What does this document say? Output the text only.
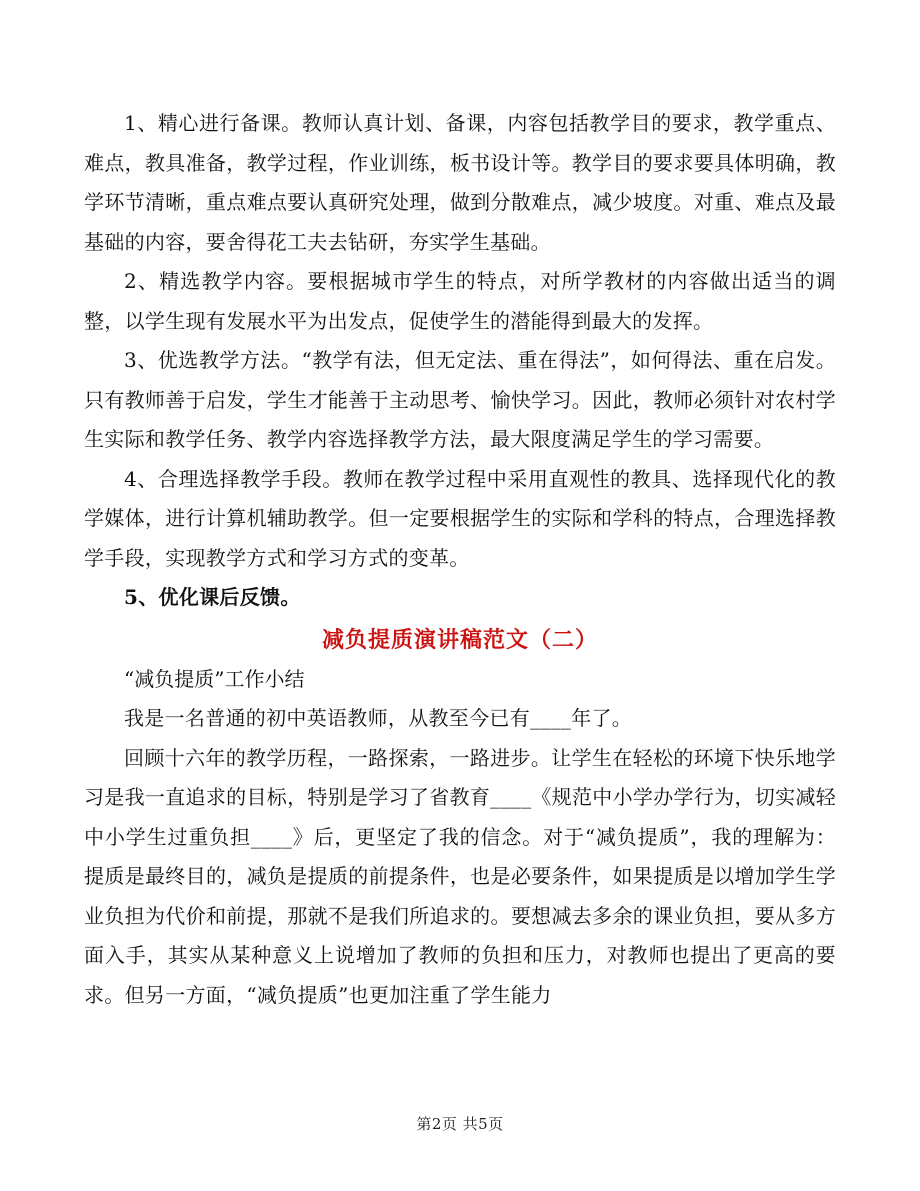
1、精心进行备课。教师认真计划、备课，内容包括教学目的要求，教学重点、难点，教具准备，教学过程，作业训练，板书设计等。教学目的要求要具体明确，教学环节清晰，重点难点要认真研究处理，做到分散难点，减少坡度。对重、难点及最基础的内容，要舍得花工夫去钻研，夯实学生基础。

2、精选教学内容。要根据城市学生的特点，对所学教材的内容做出适当的调整，以学生现有发展水平为出发点，促使学生的潜能得到最大的发挥。

3、优选教学方法。“教学有法，但无定法、重在得法”，如何得法、重在启发。只有教师善于启发，学生才能善于主动思考、愉快学习。因此，教师必须针对农村学生实际和教学任务、教学内容选择教学方法，最大限度满足学生的学习需要。

4、合理选择教学手段。教师在教学过程中采用直观性的教具、选择现代化的教学媒体，进行计算机辅助教学。但一定要根据学生的实际和学科的特点，合理选择教学手段，实现教学方式和学习方式的变革。

5、优化课后反馈。

减负提质演讲稿范文（二）

“减负提质”工作小结

我是一名普通的初中英语教师，从教至今已有____年了。

回顾十六年的教学历程，一路探索，一路进步。让学生在轻松的环境下快乐地学习是我一直追求的目标，特别是学习了省教育____《规范中小学办学行为，切实减轻中小学生过重负担____》后，更坚定了我的信念。对于“减负提质”，我的理解为：提质是最终目的，减负是提质的前提条件，也是必要条件，如果提质是以增加学生学业负担为代价和前提，那就不是我们所追求的。要想减去多余的课业负担，要从多方面入手，其实从某种意义上说增加了教师的负担和压力，对教师也提出了更高的要求。但另一方面，“减负提质”也更加注重了学生能力

第2页 共5页
